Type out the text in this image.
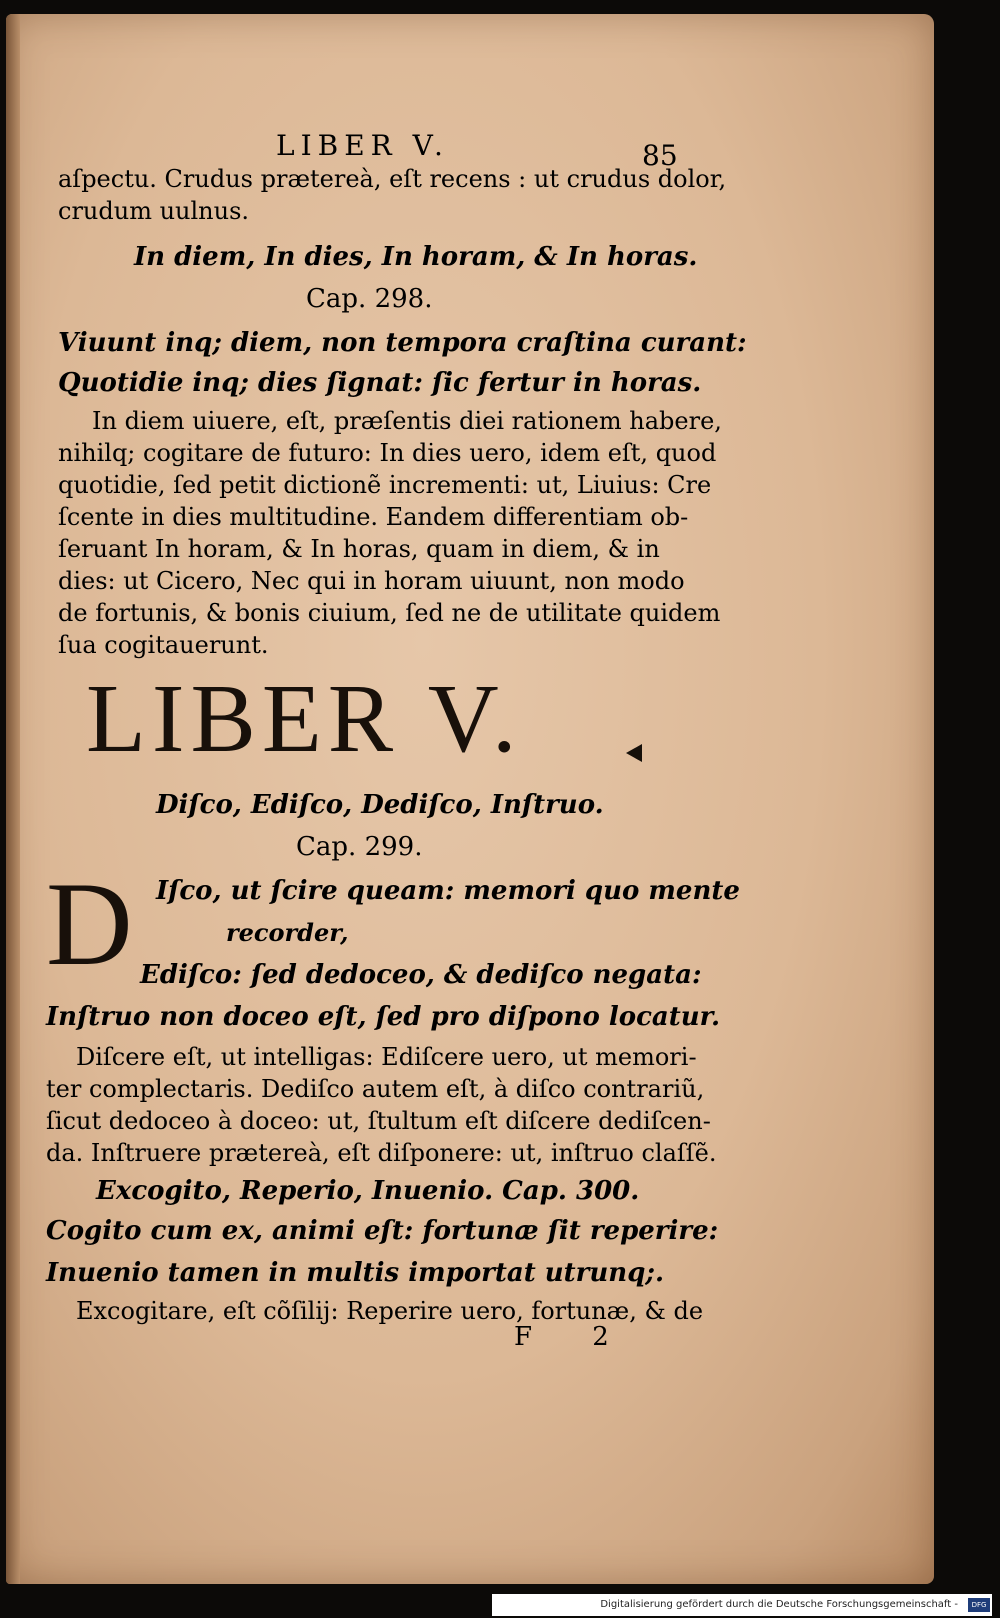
LIBER V.	85
aſpectu. Crudus prætereà, eſt recens : ut crudus dolor,
crudum uulnus.
In diem, In dies, In horam, & In horas.
Cap. 298.
Viuunt inq; diem, non tempora craſtina curant:
Quotidie inq; dies ſignat: ſic fertur in horas.
In diem uiuere, eſt, præſentis diei rationem habere,
nihilq; cogitare de futuro: In dies uero, idem eſt, quod
quotidie, ſed petit dictionẽ incrementi: ut, Liuius: Cre
ſcente in dies multitudine. Eandem differentiam ob-
ſeruant In horam, & In horas, quam in diem, & in
dies: ut Cicero, Nec qui in horam uiuunt, non modo
de fortunis, & bonis ciuium, ſed ne de utilitate quidem
ſua cogitauerunt.
LIBER V.
Diſco, Ediſco, Dediſco, Inſtruo.
Cap. 299.
D Iſco, ut ſcire queam: memori quo mente
recorder,
Ediſco: ſed dedoceo, & dediſco negata:
Inſtruo non doceo eſt, ſed pro diſpono locatur.
Diſcere eſt, ut intelligas: Ediſcere uero, ut memori-
ter complectaris. Dediſco autem eſt, à diſco contrariũ,
ſicut dedoceo à doceo: ut, ſtultum eſt diſcere dediſcen-
da. Inſtruere prætereà, eſt diſponere: ut, inſtruo claſſẽ.
Excogito, Reperio, Inuenio. Cap. 300.
Cogito cum ex, animi eſt: fortunæ ſit reperire:
Inuenio tamen in multis importat utrunq;.
Excogitare, eſt cõſilij: Reperire uero, fortunæ, & de
F 2
Digitalisierung gefördert durch die Deutsche Forschungsgemeinschaft -	DFG
